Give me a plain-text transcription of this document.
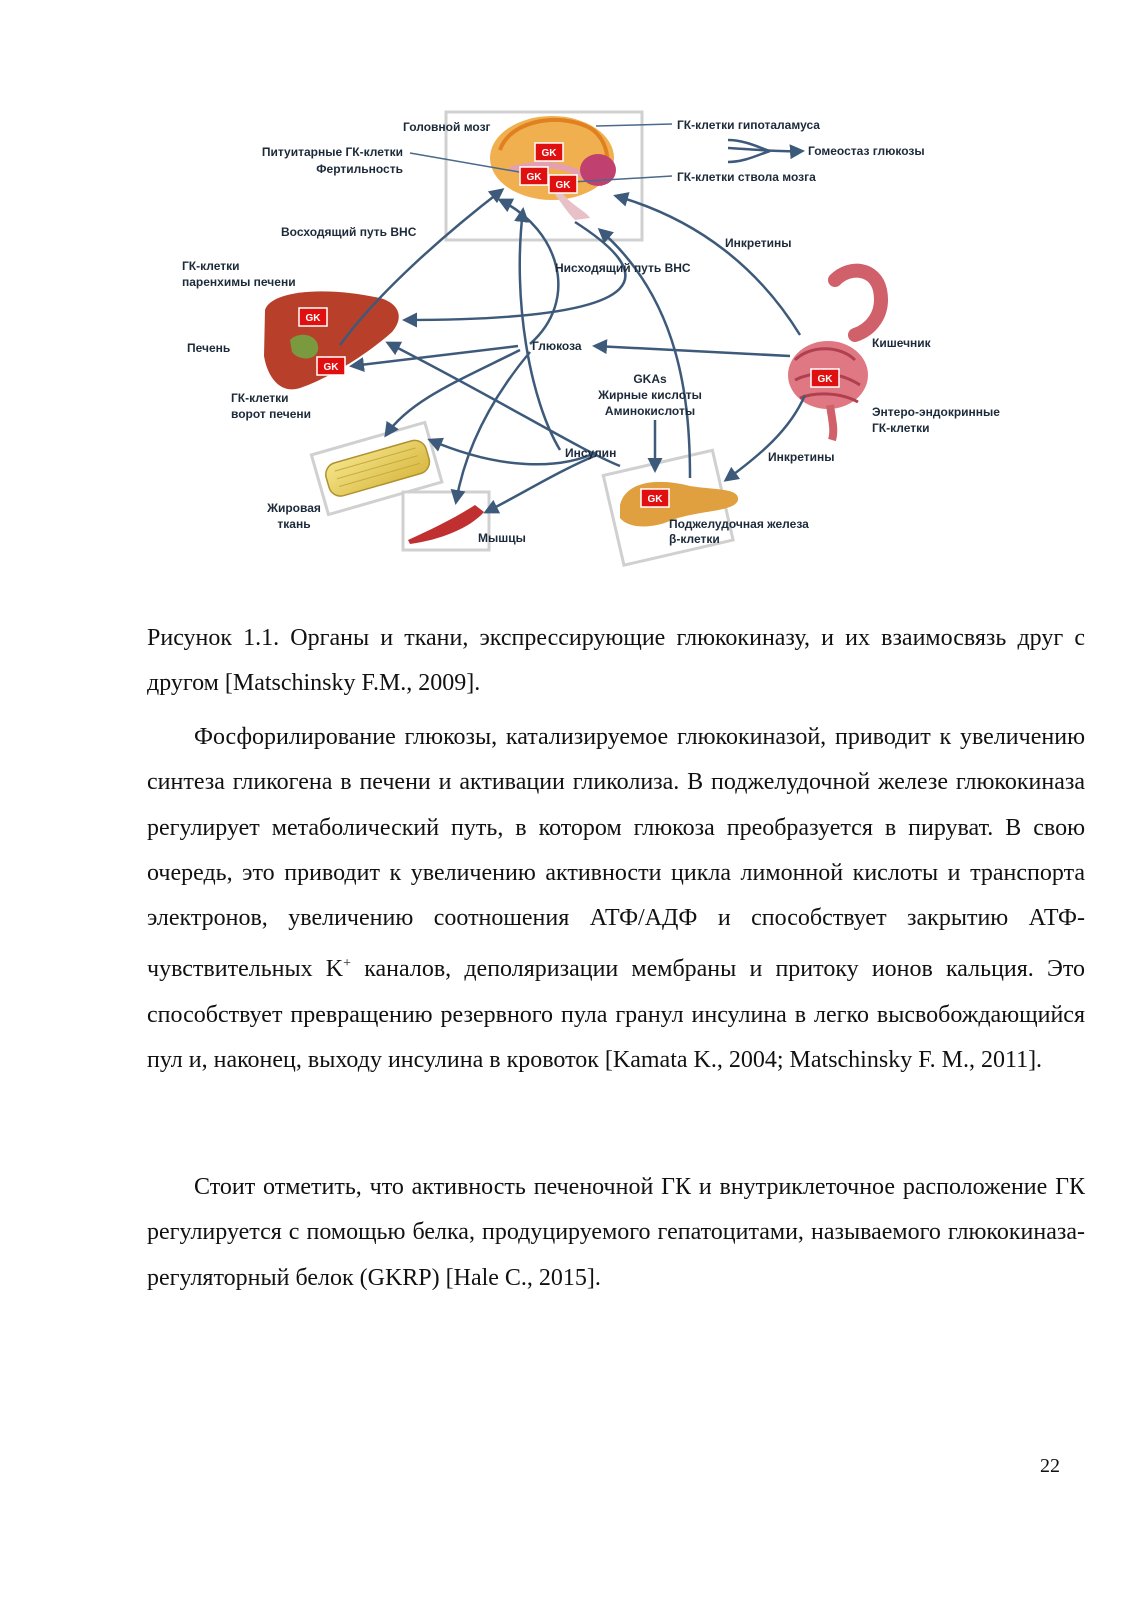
GK
GK
GK
GK
GK
GK
GK
Головной мозг	ГК-клетки гипоталамуса
Питуитарные ГК-клетки
Фертильность
Гомеостаз глюкозы
ГК-клетки ствола мозга
Восходящий путь ВНС
Инкретины
ГК-клетки
паренхимы печени
Нисходящий путь ВНС
Печень	Глюкоза	Кишечник
GKAs
Жирные кислоты
Аминокислоты
ГК-клетки
ворот печени	Энтеро-эндокринные
ГК-клетки
Инсулин	Инкретины
Жировая
ткань
Мышцы
Поджелудочная железа
β-клетки

Рисунок 1.1. Органы и ткани, экспрессирующие глюкокиназу, и их взаимосвязь друг с другом [Matschinsky F.M., 2009].

Фосфорилирование глюкозы, катализируемое глюкокиназой, приводит к увеличению синтеза гликогена в печени и активации гликолиза. В поджелудочной железе глюкокиназа регулирует метаболический путь, в котором глюкоза преобразуется в пируват. В свою очередь, это приводит к увеличению активности цикла лимонной кислоты и транспорта электронов, увеличению соотношения АТФ/АДФ и способствует закрытию АТФ-чувствительных K+ каналов, деполяризации мембраны и притоку ионов кальция. Это способствует превращению резервного пула гранул инсулина в легко высвобождающийся пул и, наконец, выходу инсулина в кровоток [Kamata K., 2004; Matschinsky F. M., 2011].

Стоит отметить, что активность печеночной ГК и внутриклеточное расположение ГК регулируется с помощью белка, продуцируемого гепатоцитами, называемого глюкокиназа-регуляторный белок (GKRP) [Hale C., 2015].

22
